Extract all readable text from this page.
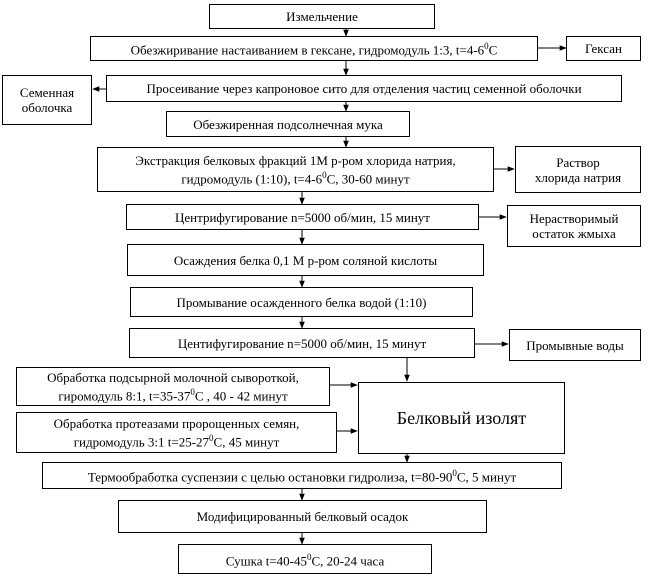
Измельчение
Обезжиривание настаиванием в гексане, гидромодуль 1:3, $t=4-6^0С$	Гексан
Просеивание через капроновое сито для отделения частиц семенной оболочки
Семенная
оболочка
Обезжиренная подсолнечная мука
Экстракция белковых фракций 1М р-ром хлорида натрия,
гидромодуль (1:10), $t=4-6^0С$, 30-60 минут
Раствор
хлорида натрия
Центрифугирование n=5000 об/мин, 15 минут	Нерастворимый
остаток жмыха
Осаждения белка 0,1 М р-ром соляной кислоты
Промывание осажденного белка водой (1:10)
Центифугирование n=5000 об/мин, 15 минут	Промывные воды
Обработка подсырной молочной сывороткой,
гиромодуль 8:1, $t=35-37^0С$ , 40 - 42 минут
Белковый изолят
Обработка протеазами пророщенных семян,
гидромодуль 3:1 $t=25-27^0С$, 45 минут
Термообработка суспензии с целью остановки гидролиза, $t=80-90^0С$, 5 минут
Модифицированный белковый осадок
Сушка $t=40-45^0С$, 20-24 часа
